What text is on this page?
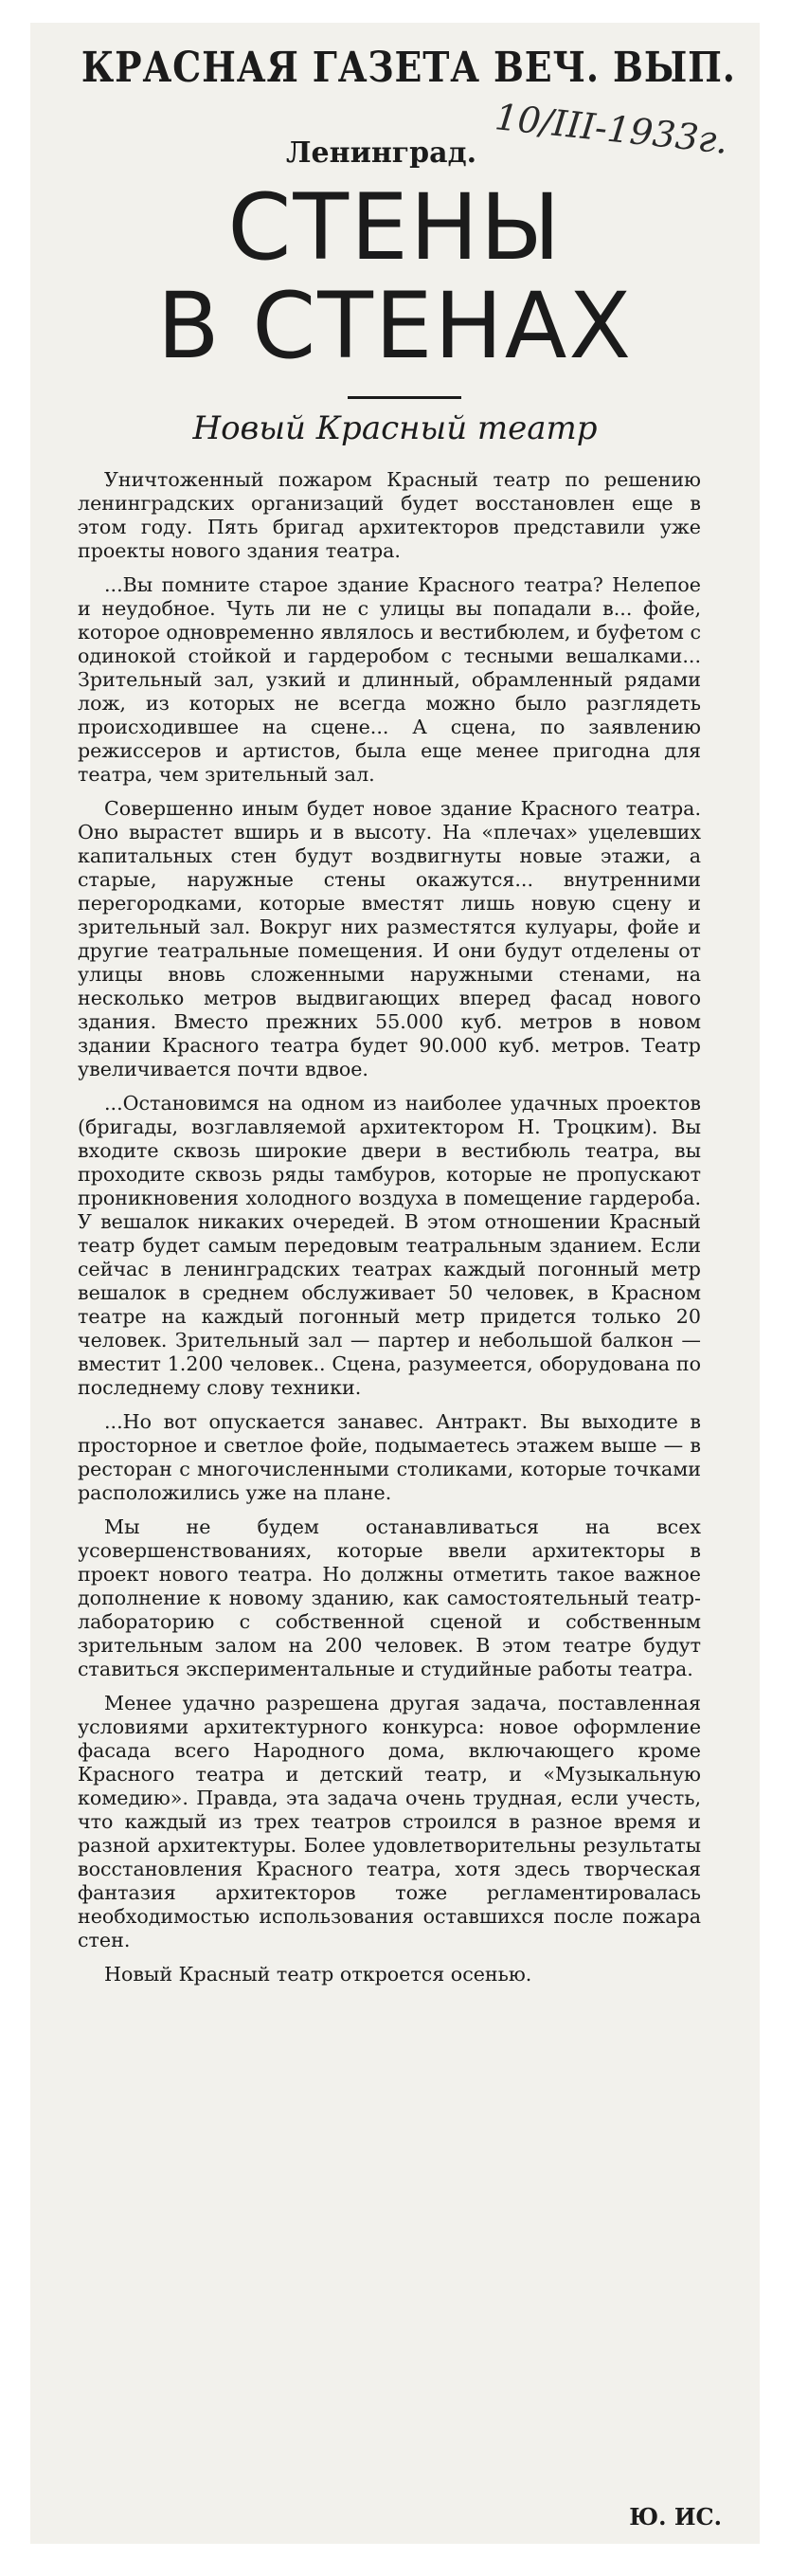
КРАСНАЯ ГАЗЕТА ВЕЧ. ВЫП.
Ленинград. 10/III-1933г.
СТЕНЫ
В СТЕНАХ
Новый Красный театр

Уничтоженный пожаром Красный театр по решению ленинградских организаций будет восстановлен еще в этом году. Пять бригад архитекторов представили уже проекты нового здания театра.

...Вы помните старое здание Красного театра? Нелепое и неудобное. Чуть ли не с улицы вы попадали в... фойе, которое одновременно являлось и вестибюлем, и буфетом с одинокой стойкой и гардеробом с тесными вешалками... Зрительный зал, узкий и длинный, обрамленный рядами лож, из которых не всегда можно было разглядеть происходившее на сцене... А сцена, по заявлению режиссеров и артистов, была еще менее пригодна для театра, чем зрительный зал.

Совершенно иным будет новое здание Красного театра. Оно вырастет вширь и в высоту. На «плечах» уцелевших капитальных стен будут воздвигнуты новые этажи, а старые, наружные стены окажутся... внутренними перегородками, которые вместят лишь новую сцену и зрительный зал. Вокруг них разместятся кулуары, фойе и другие театральные помещения. И они будут отделены от улицы вновь сложенными наружными стенами, на несколько метров выдвигающих вперед фасад нового здания. Вместо прежних 55.000 куб. метров в новом здании Красного театра будет 90.000 куб. метров. Театр увеличивается почти вдвое.

...Остановимся на одном из наиболее удачных проектов (бригады, возглавляемой архитектором Н. Троцким). Вы входите сквозь широкие двери в вестибюль театра, вы проходите сквозь ряды тамбуров, которые не пропускают проникновения холодного воздуха в помещение гардероба. У вешалок никаких очередей. В этом отношении Красный театр будет самым передовым театральным зданием. Если сейчас в ленинградских театрах каждый погонный метр вешалок в среднем обслуживает 50 человек, в Красном театре на каждый погонный метр придется только 20 человек. Зрительный зал — партер и небольшой балкон — вместит 1.200 человек.. Сцена, разумеется, оборудована по последнему слову техники.

...Но вот опускается занавес. Антракт. Вы выходите в просторное и светлое фойе, подымаетесь этажем выше — в ресторан с многочисленными столиками, которые точками расположились уже на плане.

Мы не будем останавливаться на всех усовершенствованиях, которые ввели архитекторы в проект нового театра. Но должны отметить такое важное дополнение к новому зданию, как самостоятельный театр-лабораторию с собственной сценой и собственным зрительным залом на 200 человек. В этом театре будут ставиться экспериментальные и студийные работы театра.

Менее удачно разрешена другая задача, поставленная условиями архитектурного конкурса: новое оформление фасада всего Народного дома, включающего кроме Красного театра и детский театр, и «Музыкальную комедию». Правда, эта задача очень трудная, если учесть, что каждый из трех театров строился в разное время и разной архитектуры. Более удовлетворительны результаты восстановления Красного театра, хотя здесь творческая фантазия архитекторов тоже регламентировалась необходимостью использования оставшихся после пожара стен.

Новый Красный театр откроется осенью.

Ю. ИС.
